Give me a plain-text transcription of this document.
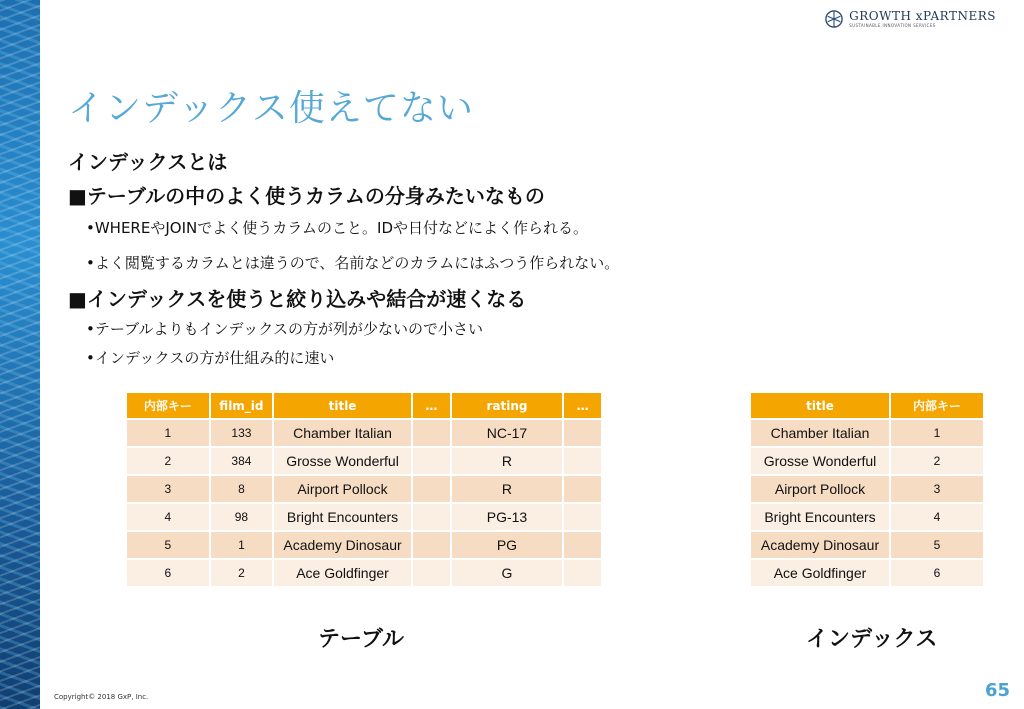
GROWTH xPARTNERS
SUSTAINABLE INNOVATION SERVICES
インデックス使えてない
インデックスとは
■テーブルの中のよく使うカラムの分身みたいなもの
•WHEREやJOINでよく使うカラムのこと。IDや日付などによく作られる。
•よく閲覧するカラムとは違うので、名前などのカラムにはふつう作られない。
■インデックスを使うと絞り込みや結合が速くなる
•テーブルよりもインデックスの方が列が少ないので小さい
•インデックスの方が仕組み的に速い
内部キー	film_id	title	…	rating	…
1	133	Chamber Italian		NC-17	
2	384	Grosse Wonderful		R	
3	8	Airport Pollock		R	
4	98	Bright Encounters		PG-13	
5	1	Academy Dinosaur		PG	
6	2	Ace Goldfinger		G	
title	内部キー
Chamber Italian	1
Grosse Wonderful	2
Airport Pollock	3
Bright Encounters	4
Academy Dinosaur	5
Ace Goldfinger	6
テーブル	インデックス
Copyright© 2018 GxP, Inc.	65
